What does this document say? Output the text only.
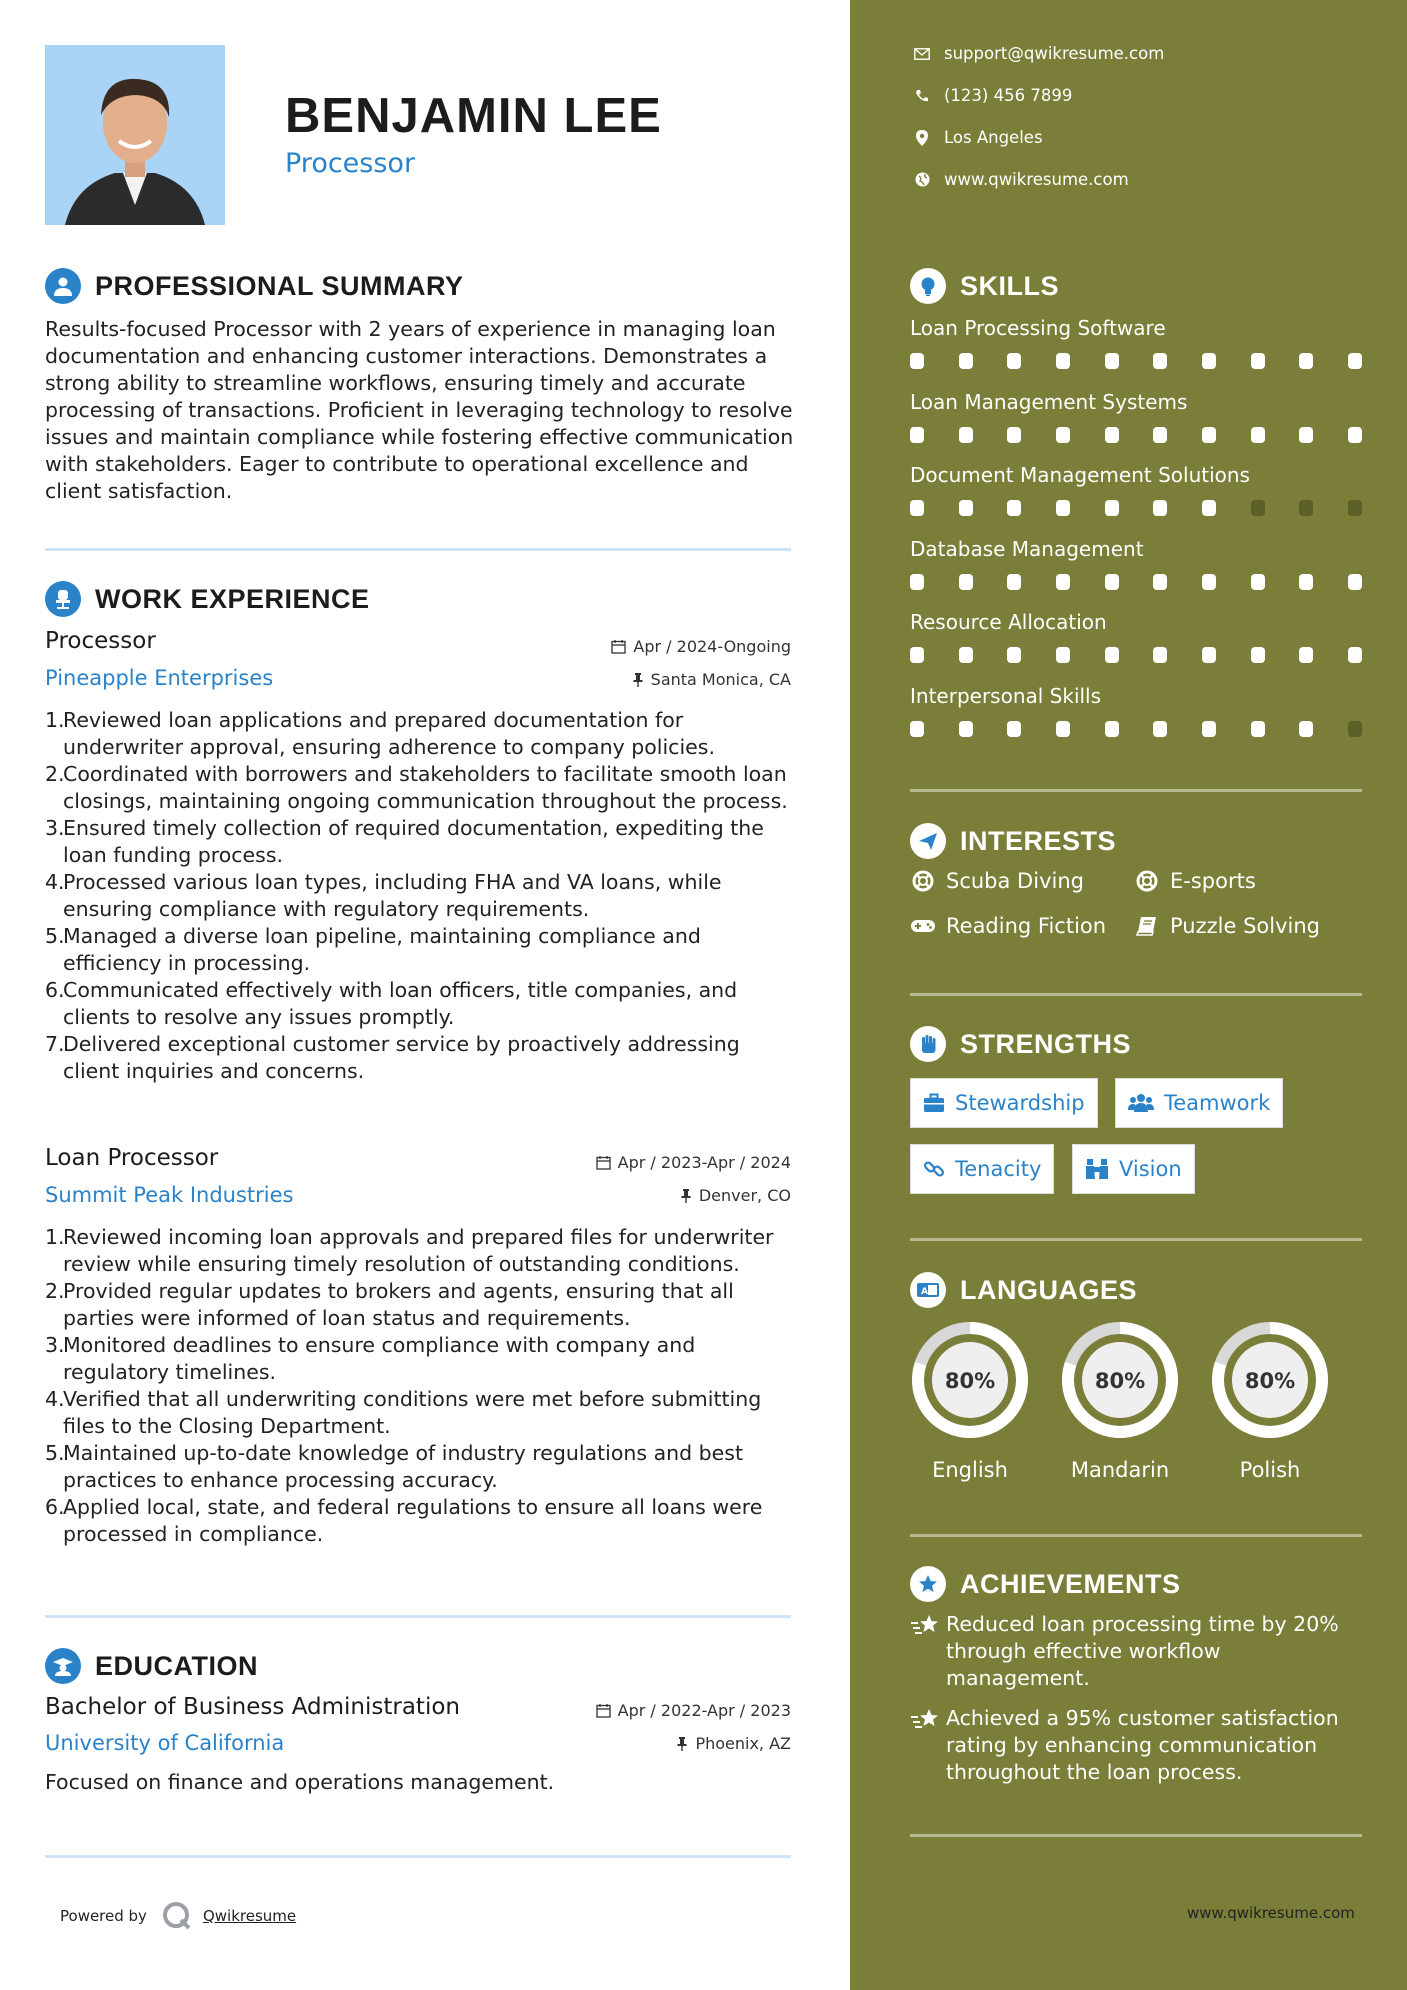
BENJAMIN LEE
Processor
PROFESSIONAL SUMMARY
Results-focused Processor with 2 years of experience in managing loan documentation and enhancing customer interactions. Demonstrates a strong ability to streamline workflows, ensuring timely and accurate processing of transactions. Proficient in leveraging technology to resolve issues and maintain compliance while fostering effective communication with stakeholders. Eager to contribute to operational excellence and client satisfaction.
WORK EXPERIENCE
Processor	Apr / 2024-Ongoing
Pineapple Enterprises	Santa Monica, CA
1.
Reviewed loan applications and prepared documentation for underwriter approval, ensuring adherence to company policies.
2.
Coordinated with borrowers and stakeholders to facilitate smooth loan closings, maintaining ongoing communication throughout the process.
3.
Ensured timely collection of required documentation, expediting the loan funding process.
4.
Processed various loan types, including FHA and VA loans, while ensuring compliance with regulatory requirements.
5.
Managed a diverse loan pipeline, maintaining compliance and efficiency in processing.
6.
Communicated effectively with loan officers, title companies, and clients to resolve any issues promptly.
7.
Delivered exceptional customer service by proactively addressing client inquiries and concerns.
Loan Processor	Apr / 2023-Apr / 2024
Summit Peak Industries	Denver, CO
1.
Reviewed incoming loan approvals and prepared files for underwriter review while ensuring timely resolution of outstanding conditions.
2.
Provided regular updates to brokers and agents, ensuring that all parties were informed of loan status and requirements.
3.
Monitored deadlines to ensure compliance with company and regulatory timelines.
4.
Verified that all underwriting conditions were met before submitting files to the Closing Department.
5.
Maintained up-to-date knowledge of industry regulations and best practices to enhance processing accuracy.
6.
Applied local, state, and federal regulations to ensure all loans were processed in compliance.
EDUCATION
Bachelor of Business Administration	Apr / 2022-Apr / 2023
University of California	Phoenix, AZ
Focused on finance and operations management.
Powered by	Qwikresume
support@qwikresume.com
(123) 456 7899
Los Angeles
www.qwikresume.com
SKILLS
Loan Processing Software
Loan Management Systems
Document Management Solutions
Database Management
Resource Allocation
Interpersonal Skills
INTERESTS
Scuba Diving	E-sports
Reading Fiction	Puzzle Solving
STRENGTHS
Stewardship	Teamwork
Tenacity	Vision
A LANGUAGES
80%
English
80%
Mandarin
80%
Polish
ACHIEVEMENTS
Reduced loan processing time by 20% through effective workflow management.
Achieved a 95% customer satisfaction rating by enhancing communication throughout the loan process.
www.qwikresume.com
